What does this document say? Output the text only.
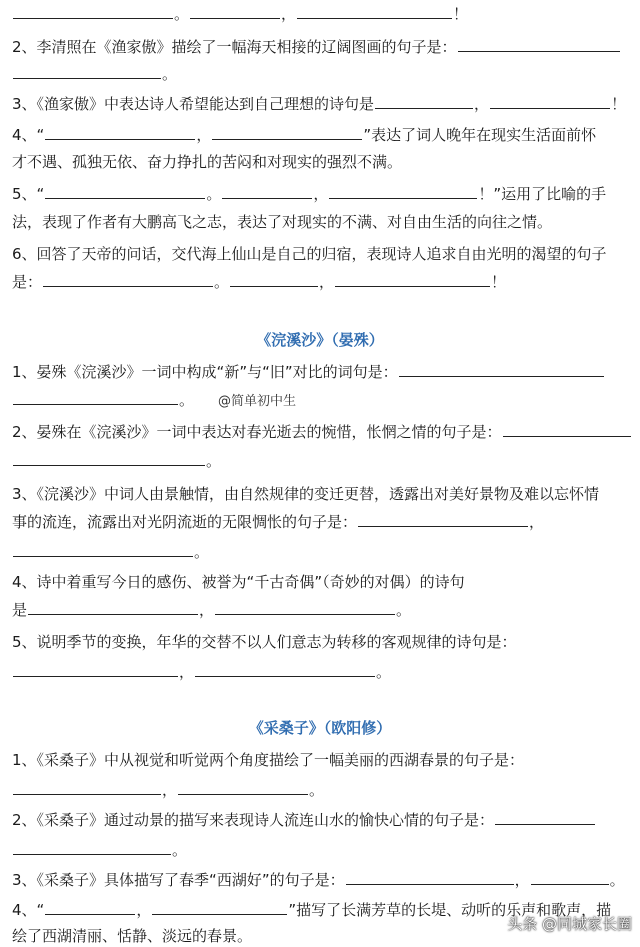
。	，	！
2、李清照在《渔家傲》描绘了一幅海天相接的辽阔图画的句子是：
。
3、《渔家傲》中表达诗人希望能达到自己理想的诗句是	，	！
4、“	，	”表达了词人晚年在现实生活面前怀
才不遇、孤独无依、奋力挣扎的苦闷和对现实的强烈不满。
5、“	。	，	！”运用了比喻的手
法，表现了作者有大鹏高飞之志，表达了对现实的不满、对自由生活的向往之情。
6、回答了天帝的问话，交代海上仙山是自己的归宿，表现诗人追求自由光明的渴望的句子
是：	。	，	！
《浣溪沙》（晏殊）
1、晏殊《浣溪沙》一词中构成“新”与“旧”对比的词句是：
。	@简单初中生
2、晏殊在《浣溪沙》一词中表达对春光逝去的惋惜，怅惘之情的句子是：
。
3、《浣溪沙》中词人由景触情，由自然规律的变迁更替，透露出对美好景物及难以忘怀情
事的流连，流露出对光阴流逝的无限惆怅的句子是：	，
。
4、诗中着重写今日的感伤、被誉为“千古奇偶”（奇妙的对偶）的诗句
是	，	。
5、说明季节的变换，年华的交替不以人们意志为转移的客观规律的诗句是：
，	。
《采桑子》（欧阳修）
1、《采桑子》中从视觉和听觉两个角度描绘了一幅美丽的西湖春景的句子是：
，	。
2、《采桑子》通过动景的描写来表现诗人流连山水的愉快心情的句子是：
。
3、《采桑子》具体描写了春季“西湖好”的句子是：	，	。
4、“	，	”描写了长满芳草的长堤、动听的乐声和歌声，描
绘了西湖清丽、恬静、淡远的春景。
头条 @同城家长圈
